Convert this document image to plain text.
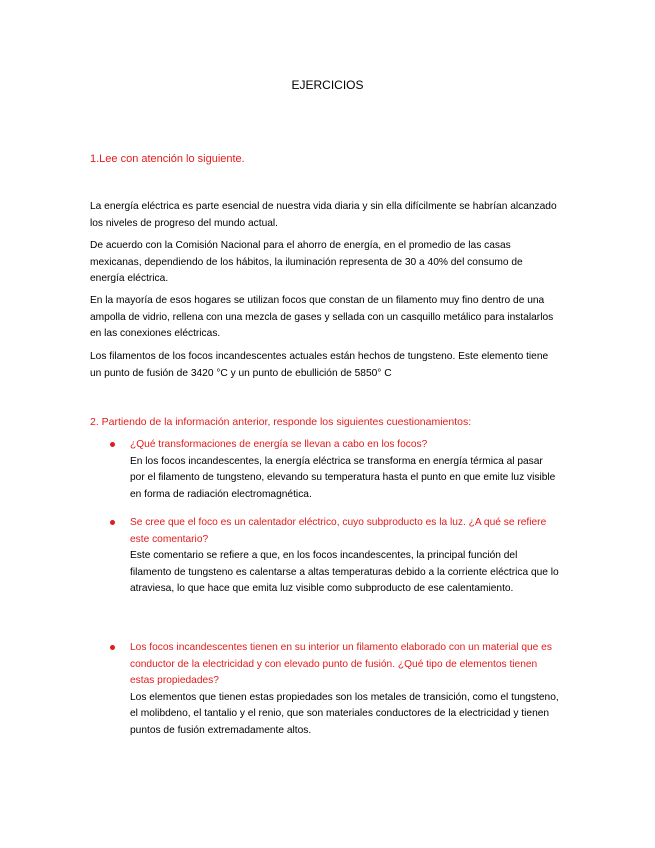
EJERCICIOS
1.Lee con atención lo siguiente.

La energía eléctrica es parte esencial de nuestra vida diaria y sin ella difícilmente se habrían alcanzado los niveles de progreso del mundo actual.

De acuerdo con la Comisión Nacional para el ahorro de energía, en el promedio de las casas mexicanas, dependiendo de los hábitos, la iluminación representa de 30 a 40% del consumo de energía eléctrica.

En la mayoría de esos hogares se utilizan focos que constan de un filamento muy fino dentro de una ampolla de vidrio, rellena con una mezcla de gases y sellada con un casquillo metálico para instalarlos en las conexiones eléctricas.

Los filamentos de los focos incandescentes actuales están hechos de tungsteno. Este elemento tiene un punto de fusión de 3420 °C y un punto de ebullición de 5850° C

2. Partiendo de la información anterior, responde los siguientes cuestionamientos:
¿Qué transformaciones de energía se llevan a cabo en los focos?
En los focos incandescentes, la energía eléctrica se transforma en energía térmica al pasar por el filamento de tungsteno, elevando su temperatura hasta el punto en que emite luz visible en forma de radiación electromagnética.
Se cree que el foco es un calentador eléctrico, cuyo subproducto es la luz. ¿A qué se refiere este comentario?
Este comentario se refiere a que, en los focos incandescentes, la principal función del filamento de tungsteno es calentarse a altas temperaturas debido a la corriente eléctrica que lo atraviesa, lo que hace que emita luz visible como subproducto de ese calentamiento.
Los focos incandescentes tienen en su interior un filamento elaborado con un material que es conductor de la electricidad y con elevado punto de fusión. ¿Qué tipo de elementos tienen estas propiedades?
Los elementos que tienen estas propiedades son los metales de transición, como el tungsteno, el molibdeno, el tantalio y el renio, que son materiales conductores de la electricidad y tienen puntos de fusión extremadamente altos.
